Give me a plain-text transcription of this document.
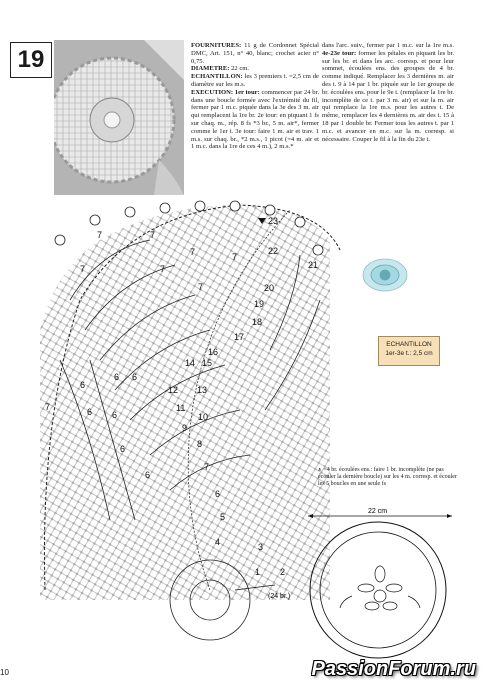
19

FOURNITURES: 11 g de Cordonnet Spécial DMC, Art. 151, n° 40, blanc; crochet acier n° 0,75.

DIAMETRE: 22 cm.

ECHANTILLON: les 3 premiers t. =2,5 cm de diamètre sur les m.s.

EXECUTION: 1er tour: commencer par 24 br. dans une boucle formée avec l'extrémité du fil, fermer par 1 m.c. piquée dans la 3e des 3 m. air qui remplacent la 1re br. 2e tour: en piquant 1 fs sur chaq. m., rép. 8 fs *3 br., 5 m. air*, fermer comme le 1er t. 3e tour: faire 1 m. air et trav. 1 m.s. sur chaq. br., *2 m.s., 1 picot (=4 m. air et 1 m.c. dans la 1re de ces 4 m.), 2 m.s.*

dans l'arc. suiv., fermer par 1 m.c. sur la 1re m.s. 4e-23e tour: former les pétales en piquant les br. sur les br. et dans les arc. corresp. et pour leur sommet, écoulées ens. des groupes de 4 br. comme indiqué. Remplacer les 3 dernières m. air des t. 9 à 14 par 1 br. piquée sur le 1er groupe de br. écoulées ens. pour le 9e t. (remplacer la 1re br. incomplète de ce t. par 3 m. air) et sur la m. air qui remplace la 1re m.s. pour les autres t. De même, remplacer les 4 dernières m. air des t. 15 à 18 par 1 double br. Fermer tous les autres t. par 1 m.c. et avancer en m.c. sur la m. corresp. si nécessaire. Couper le fil à la fin du 23e t.

1 2
3
4
5
6
7
8
9
10
11
12 13
14 15
16
17
18
19
20
21
22
23
7	7
7	7
7
7
7
7
6
6
6 6
6
6
6
(24 br.)
22 cm
ECHANTILLON
1er-3e t.: 2,5 cm
⩚ =4 br. écoulées ens.: faire 1 br. incomplète (ne pas écouler la dernière boucle) sur les 4 m. corresp. et écouler les 5 boucles en une seule fs
10	PassionForum.ru
